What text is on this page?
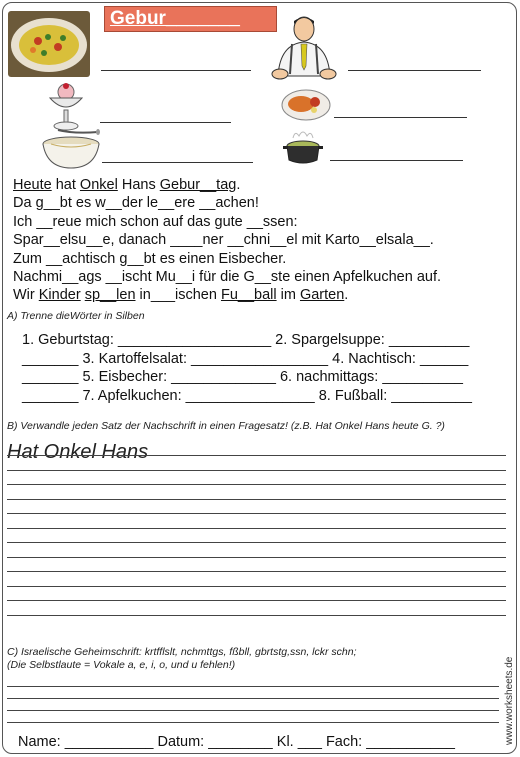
Gebur_______
Heute hat Onkel Hans Gebur__tag.
Da g__bt es w__der le__ere __achen!
Ich __reue mich schon auf das gute __ssen:
Spar__elsu__e, danach ____ner __chni__el mit Karto__elsala__.
Zum __achtisch g__bt es einen Eisbecher.
Nachmi__ags __ischt Mu__i für die G__ste einen Apfelkuchen auf.
Wir Kinder sp__len in___ischen Fu__ball im Garten.
A) Trenne dieWörter in Silben
1. Geburtstag: ___________________ 2. Spargelsuppe: __________
_______ 3. Kartoffelsalat: _________________ 4. Nachtisch: ______
_______ 5. Eisbecher: _____________ 6. nachmittags: __________
_______ 7. Apfelkuchen: ________________ 8. Fußball: __________
B) Verwandle jeden Satz der Nachschrift in einen Fragesatz! (z.B. Hat Onkel Hans heute G. ?)
Hat Onkel Hans
C) Israelische Geheimschrift: krtfflslt, nchmttgs, fßbll, gbrtstg,ssn, lckr schn;
(Die Selbstlaute = Vokale a, e, i, o, und u fehlen!)
Name: ___________ Datum: ________ Kl. ___ Fach: ___________	www.worksheets.de
